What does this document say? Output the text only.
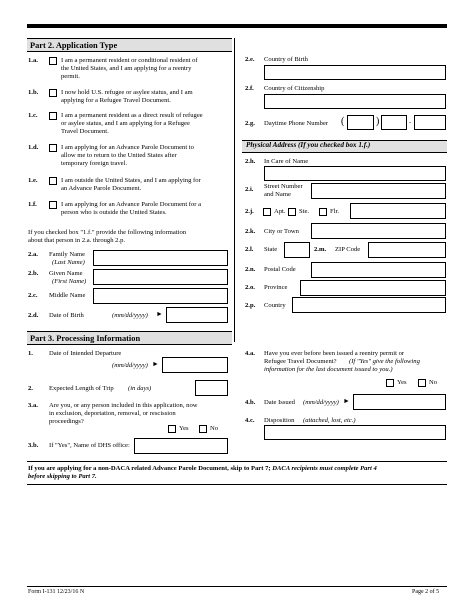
Part 2. Application Type
1.a.	I am a permanent resident or conditional resident of
the United States, and I am applying for a reentry
permit.
1.b.	I now hold U.S. refugee or asylee status, and I am
applying for a Refugee Travel Document.
1.c.	I am a permanent resident as a direct result of refugee
or asylee status, and I am applying for a Refugee
Travel Document.
1.d.	I am applying for an Advance Parole Document to
allow me to return to the United States after
temporary foreign travel.
1.e.	I am outside the United States, and I am applying for
an Advance Parole Document.
1.f.	I am applying for an Advance Parole Document for a
person who is outside the United States.
If you checked box "1.f." provide the following information
about that person in 2.a. through 2.p.
2.a. Family Name
(Last Name)
2.b. Given Name
(First Name)
2.c. Middle Name
2.d. Date of Birth	(mm/dd/yyyy) ►
2.e. Country of Birth
2.f. Country of Citizenship
2.g. Daytime Phone Number (	)	-
Physical Address (If you checked box 1.f.)
2.h. In Care of Name
2.i. Street Number
and Name
2.j.	Apt. Ste.	Flr.
2.k. City or Town
2.l. State	2.m. ZIP Code
2.n. Postal Code
2.o. Province
2.p. Country
Part 3. Processing Information
1. Date of Intended Departure
(mm/dd/yyyy) ►
2. Expected Length of Trip (in days)
3.a. Are you, or any person included in this application, now
in exclusion, deportation, removal, or rescission
proceedings?
Yes	No
3.b. If "Yes", Name of DHS office:
4.a. Have you ever before been issued a reentry permit or
Refugee Travel Document? (If "Yes" give the following
information for the last document issued to you.)
Yes	No
4.b. Date Issued (mm/dd/yyyy) ►
4.c. Disposition (attached, lost, etc.)
If you are applying for a non-DACA related Advance Parole Document, skip to Part 7; DACA recipients must complete Part 4
before skipping to Part 7.
Form I-131 12/23/16 N	Page 2 of 5
